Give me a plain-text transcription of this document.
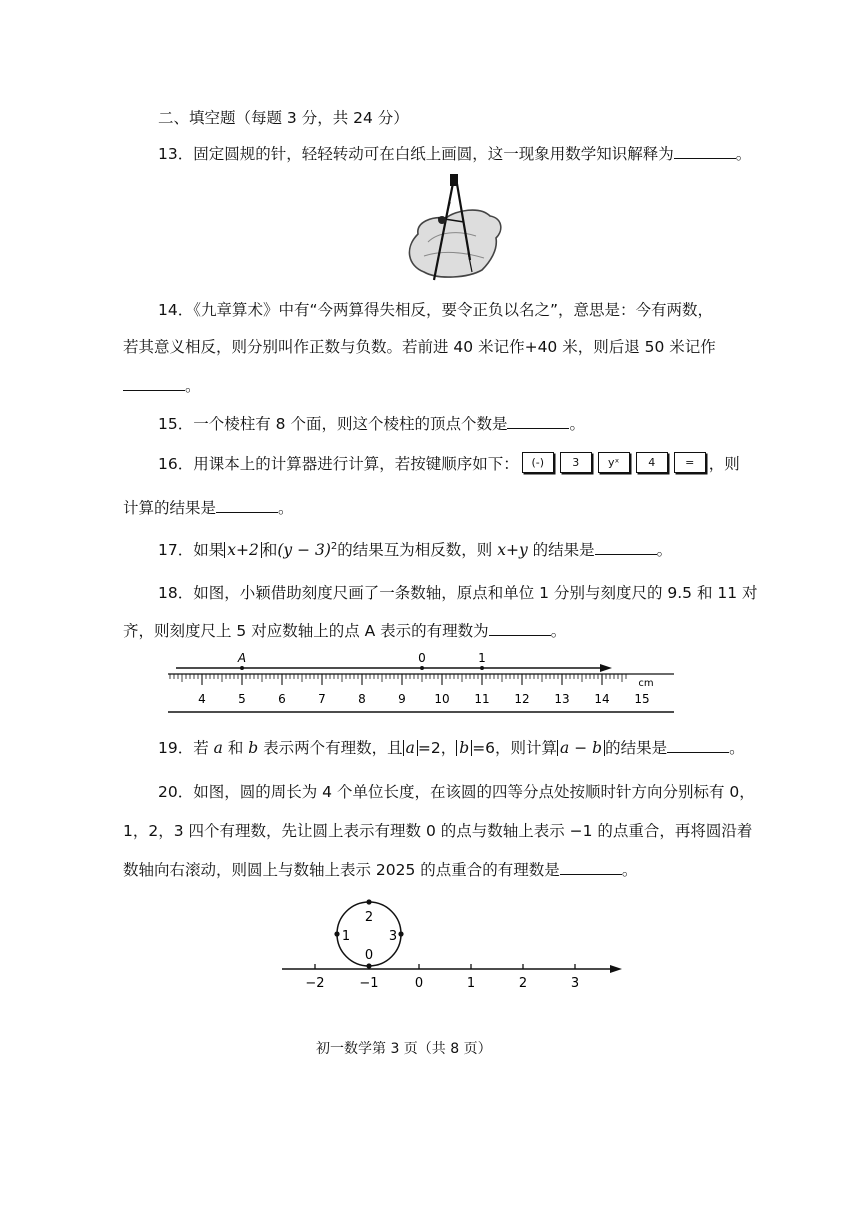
二、填空题（每题 3 分，共 24 分）
13．固定圆规的针，轻轻转动可在白纸上画圆，这一现象用数学知识解释为	。
14．《九章算术》中有“今两算得失相反，要令正负以名之”，意思是：今有两数，
若其意义相反，则分别叫作正数与负数。若前进 40 米记作+40 米，则后退 50 米记作
。
15．一个棱柱有 8 个面，则这个棱柱的顶点个数是	。
16．用课本上的计算器进行计算，若按键顺序如下： (-)	3	yˣ	4	= ，则
计算的结果是	。
17．如果 x+2 和$(y - 3)^2$的结果互为相反数，则 x+y 的结果是	。
18．如图，小颖借助刻度尺画了一条数轴，原点和单位 1 分别与刻度尺的 9.5 和 11 对
齐，则刻度尺上 5 对应数轴上的点 A 表示的有理数为	。
A	0	1
4	5	6	7	8	9 10 11 12 13 14 15
cm
19．若 a 和 b 表示两个有理数，且 a =2， b =6，则计算 a − b 的结果是	。
20．如图，圆的周长为 4 个单位长度，在该圆的四等分点处按顺时针方向分别标有 0，
1，2，3 四个有理数，先让圆上表示有理数 0 的点与数轴上表示 −1 的点重合，再将圆沿着
数轴向右滚动，则圆上与数轴上表示 2025 的点重合的有理数是	。
2
1	3
0
−2	−1	0	1	2	3
初一数学第 3 页（共 8 页）
